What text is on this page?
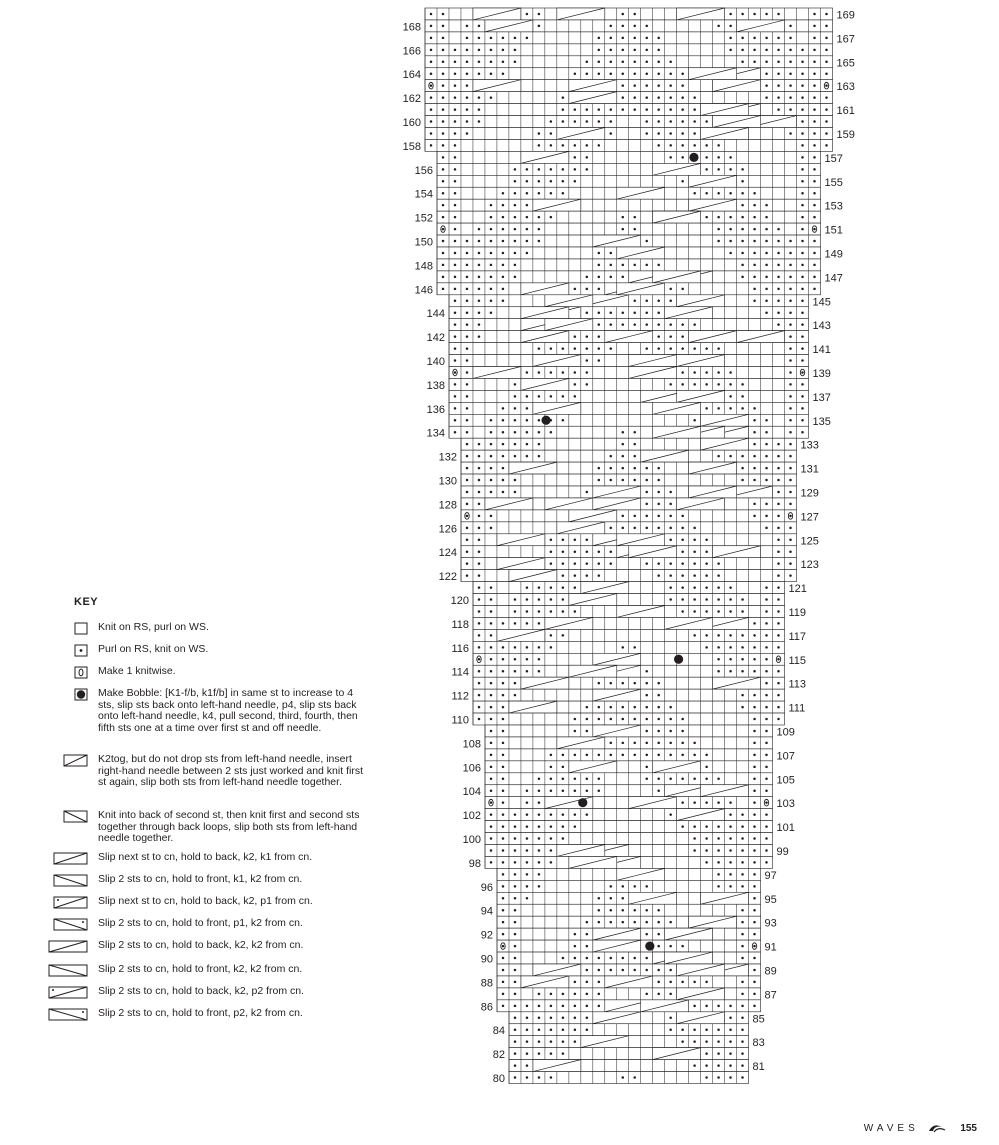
169
168
167
166
165
164
163
162
161
160
159
158
157
156
155
154
153
152
151
150
149
148
147
146
145
144
143
142
141
140
139
138
137
136
135
134
133
132
131
130
129
128
127
126
125
124
123
122
121
120
119
118
117
116
115
114
113
112
111
110
109
108
107
106
105
104
103
102
101
100
99
98
97
96
95
94
93
92
91
90
89
88
87
86
85
84
83
82
81
80
KEY
Knit on RS, purl on WS.
Purl on RS, knit on WS.
Make 1 knitwise.
Make Bobble: [K1-f/b, k1f/b] in same st to increase to 4 sts, slip sts back onto left-hand needle, p4, slip sts back onto left-hand needle, k4, pull second, third, fourth, then fifth sts one at a time over first st and off needle.
K2tog, but do not drop sts from left-hand needle, insert right-hand needle between 2 sts just worked and knit first st again, slip both sts from left-hand needle together.
Knit into back of second st, then knit first and second sts together through back loops, slip both sts from left-hand needle together.
Slip next st to cn, hold to back, k2, k1 from cn.
Slip 2 sts to cn, hold to front, k1, k2 from cn.
Slip next st to cn, hold to back, k2, p1 from cn.
Slip 2 sts to cn, hold to front, p1, k2 from cn.
Slip 2 sts to cn, hold to back, k2, k2 from cn.
Slip 2 sts to cn, hold to front, k2, k2 from cn.
Slip 2 sts to cn, hold to back, k2, p2 from cn.
Slip 2 sts to cn, hold to front, p2, k2 from cn.
WAVES	155
